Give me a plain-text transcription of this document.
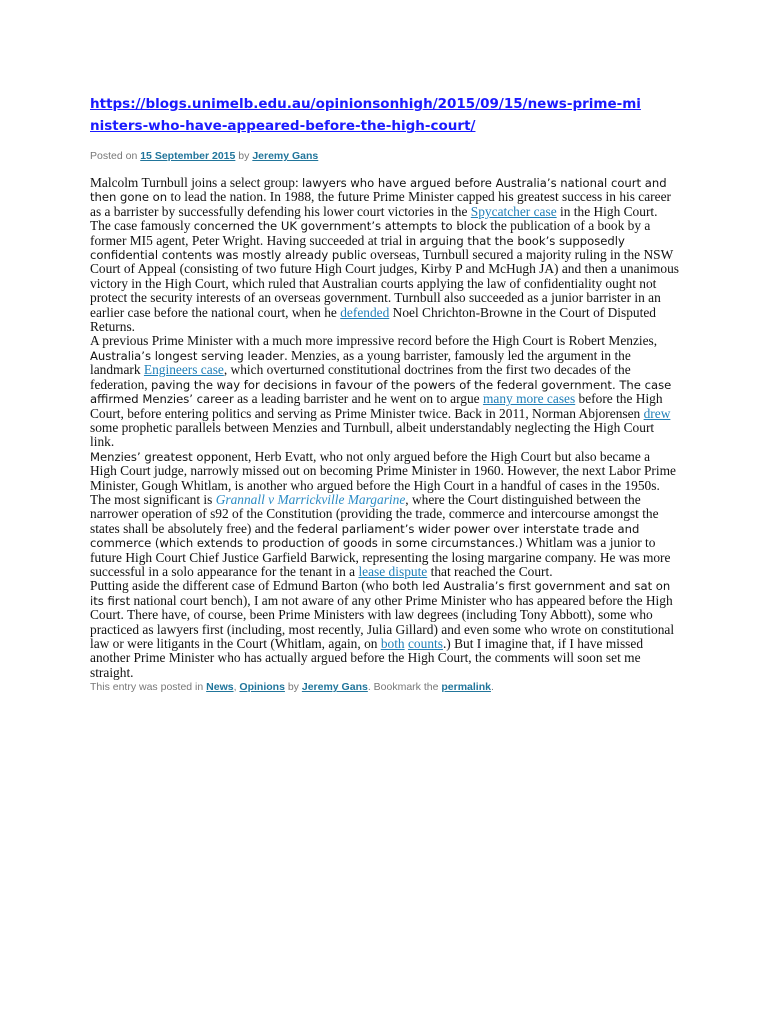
https://blogs.unimelb.edu.au/opinionsonhigh/2015/09/15/news-prime-ministers-who-have-appeared-before-the-high-court/
Posted on 15 September 2015 by Jeremy Gans

Malcolm Turnbull joins a select group: lawyers who have argued before Australia’s national court and then gone on to lead the nation. In 1988, the future Prime Minister capped his greatest success in his career as a barrister by successfully defending his lower court victories in the Spycatcher case in the High Court. The case famously concerned the UK government’s attempts to block the publication of a book by a former MI5 agent, Peter Wright. Having succeeded at trial in arguing that the book’s supposedly confidential contents was mostly already public overseas, Turnbull secured a majority ruling in the NSW Court of Appeal (consisting of two future High Court judges, Kirby P and McHugh JA) and then a unanimous victory in the High Court, which ruled that Australian courts applying the law of confidentiality ought not protect the security interests of an overseas government. Turnbull also succeeded as a junior barrister in an earlier case before the national court, when he defended Noel Chrichton-Browne in the Court of Disputed Returns.

A previous Prime Minister with a much more impressive record before the High Court is Robert Menzies, Australia’s longest serving leader. Menzies, as a young barrister, famously led the argument in the landmark Engineers case, which overturned constitutional doctrines from the first two decades of the federation, paving the way for decisions in favour of the powers of the federal government. The case affirmed Menzies’ career as a leading barrister and he went on to argue many more cases before the High Court, before entering politics and serving as Prime Minister twice. Back in 2011, Norman Abjorensen drew some prophetic parallels between Menzies and Turnbull, albeit understandably neglecting the High Court link.

Menzies’ greatest opponent, Herb Evatt, who not only argued before the High Court but also became a High Court judge, narrowly missed out on becoming Prime Minister in 1960. However, the next Labor Prime Minister, Gough Whitlam, is another who argued before the High Court in a handful of cases in the 1950s. The most significant is Grannall v Marrickville Margarine, where the Court distinguished between the narrower operation of s92 of the Constitution (providing the trade, commerce and intercourse amongst the states shall be absolutely free) and the federal parliament’s wider power over interstate trade and commerce (which extends to production of goods in some circumstances.) Whitlam was a junior to future High Court Chief Justice Garfield Barwick, representing the losing margarine company. He was more successful in a solo appearance for the tenant in a lease dispute that reached the Court.

Putting aside the different case of Edmund Barton (who both led Australia’s first government and sat on its first national court bench), I am not aware of any other Prime Minister who has appeared before the High Court. There have, of course, been Prime Ministers with law degrees (including Tony Abbott), some who practiced as lawyers first (including, most recently, Julia Gillard) and even some who wrote on constitutional law or were litigants in the Court (Whitlam, again, on both counts.) But I imagine that, if I have missed another Prime Minister who has actually argued before the High Court, the comments will soon set me straight.

This entry was posted in News, Opinions by Jeremy Gans. Bookmark the permalink.
